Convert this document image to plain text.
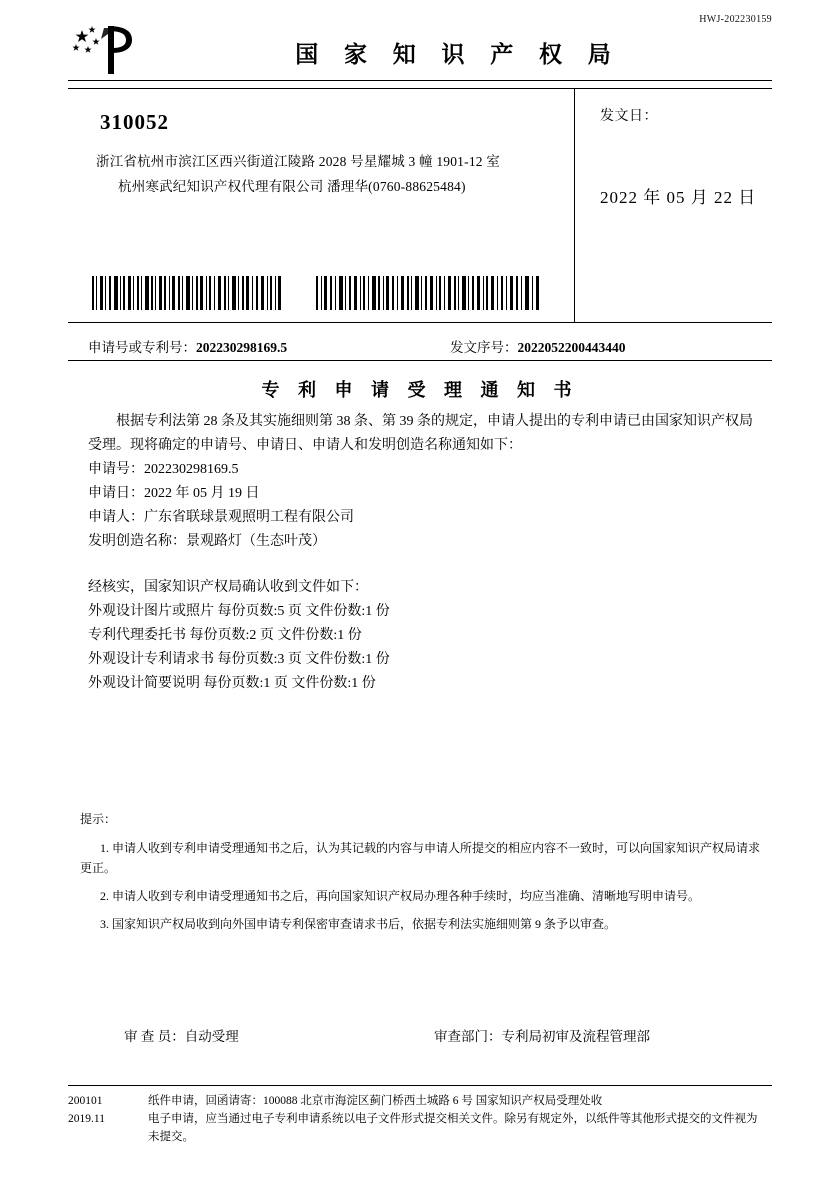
HWJ-202230159
国 家 知 识 产 权 局
310052
浙江省杭州市滨江区西兴街道江陵路 2028 号星耀城 3 幢 1901-12 室
杭州寒武纪知识产权代理有限公司 潘理华(0760-88625484)
发文日：
2022 年 05 月 22 日
申请号或专利号：202230298169.5	发文序号：2022052200443440
专 利 申 请 受 理 通 知 书

根据专利法第 28 条及其实施细则第 38 条、第 39 条的规定，申请人提出的专利申请已由国家知识产权局受理。现将确定的申请号、申请日、申请人和发明创造名称通知如下：

申请号：202230298169.5

申请日：2022 年 05 月 19 日

申请人：广东省联球景观照明工程有限公司

发明创造名称：景观路灯（生态叶茂）

经核实，国家知识产权局确认收到文件如下：

外观设计图片或照片 每份页数:5 页 文件份数:1 份

专利代理委托书 每份页数:2 页 文件份数:1 份

外观设计专利请求书 每份页数:3 页 文件份数:1 份

外观设计简要说明 每份页数:1 页 文件份数:1 份

提示：
1. 申请人收到专利申请受理通知书之后，认为其记载的内容与申请人所提交的相应内容不一致时，可以向国家知识产权局请求更正。
2. 申请人收到专利申请受理通知书之后，再向国家知识产权局办理各种手续时，均应当准确、清晰地写明申请号。
3. 国家知识产权局收到向外国申请专利保密审查请求书后，依据专利法实施细则第 9 条予以审查。
审 查 员：自动受理	审查部门：专利局初审及流程管理部
200101
2019.11
纸件申请，回函请寄：100088 北京市海淀区蓟门桥西土城路 6 号 国家知识产权局受理处收
电子申请，应当通过电子专利申请系统以电子文件形式提交相关文件。除另有规定外，以纸件等其他形式提交的文件视为未提交。
